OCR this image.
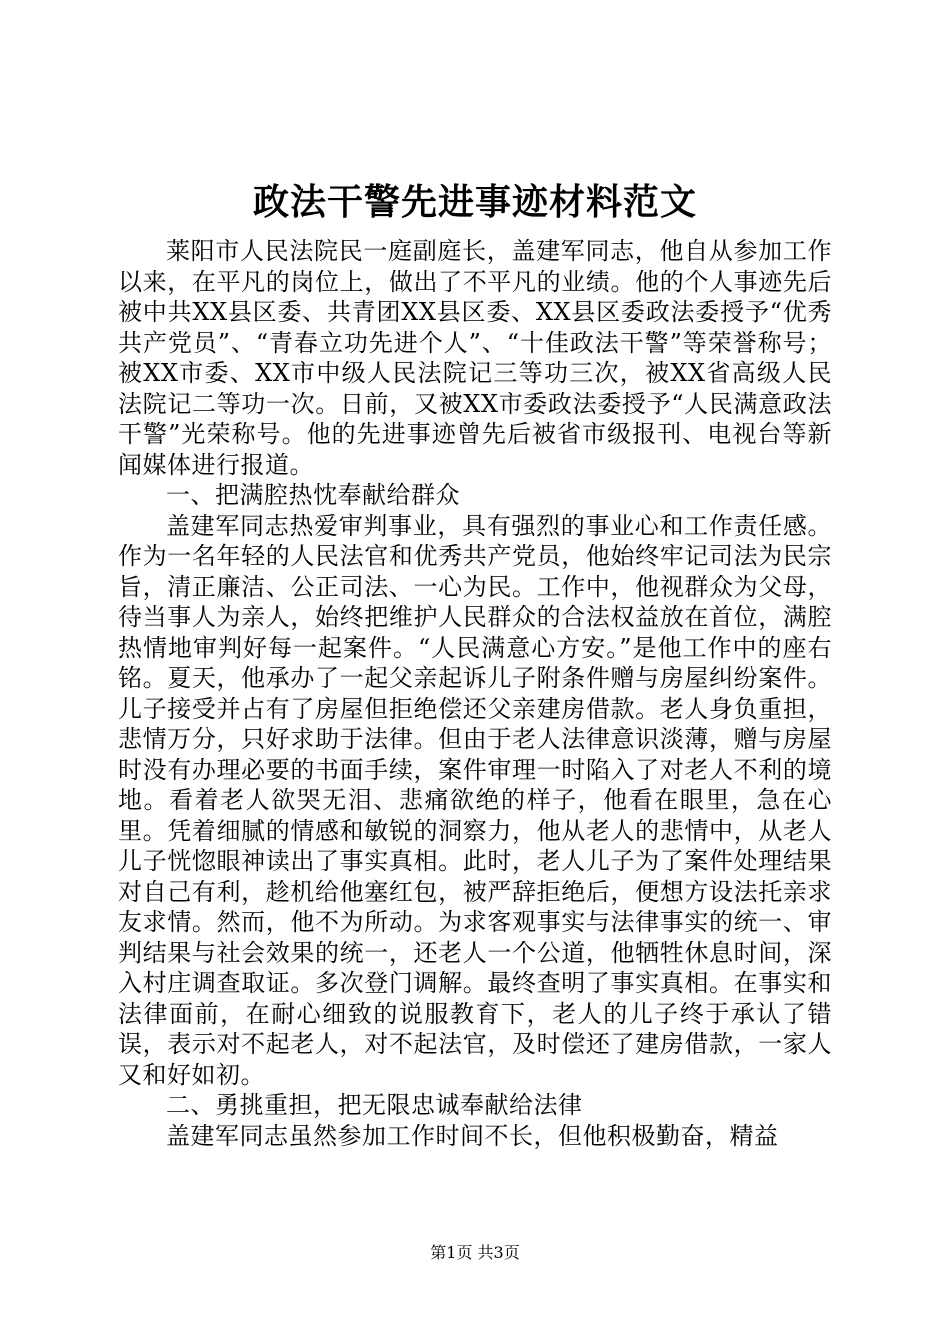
政法干警先进事迹材料范文

莱阳市人民法院民一庭副庭长，盖建军同志，他自从参加工作以来，在平凡的岗位上，做出了不平凡的业绩。他的个人事迹先后被中共XX县区委、共青团XX县区委、XX县区委政法委授予“优秀共产党员”、“青春立功先进个人”、“十佳政法干警”等荣誉称号；被XX市委、XX市中级人民法院记三等功三次，被XX省高级人民法院记二等功一次。日前，又被XX市委政法委授予“人民满意政法干警”光荣称号。他的先进事迹曾先后被省市级报刊、电视台等新闻媒体进行报道。

一、把满腔热忱奉献给群众

盖建军同志热爱审判事业，具有强烈的事业心和工作责任感。作为一名年轻的人民法官和优秀共产党员，他始终牢记司法为民宗旨，清正廉洁、公正司法、一心为民。工作中，他视群众为父母，待当事人为亲人，始终把维护人民群众的合法权益放在首位，满腔热情地审判好每一起案件。“人民满意心方安。”是他工作中的座右铭。夏天，他承办了一起父亲起诉儿子附条件赠与房屋纠纷案件。儿子接受并占有了房屋但拒绝偿还父亲建房借款。老人身负重担，悲情万分，只好求助于法律。但由于老人法律意识淡薄，赠与房屋时没有办理必要的书面手续，案件审理一时陷入了对老人不利的境地。看着老人欲哭无泪、悲痛欲绝的样子，他看在眼里，急在心里。凭着细腻的情感和敏锐的洞察力，他从老人的悲情中，从老人儿子恍惚眼神读出了事实真相。此时，老人儿子为了案件处理结果对自己有利，趁机给他塞红包，被严辞拒绝后，便想方设法托亲求友求情。然而，他不为所动。为求客观事实与法律事实的统一、审判结果与社会效果的统一，还老人一个公道，他牺牲休息时间，深入村庄调查取证。多次登门调解。最终查明了事实真相。在事实和法律面前，在耐心细致的说服教育下，老人的儿子终于承认了错误，表示对不起老人，对不起法官，及时偿还了建房借款，一家人又和好如初。

二、勇挑重担，把无限忠诚奉献给法律

盖建军同志虽然参加工作时间不长，但他积极勤奋，精益

第1页 共3页
